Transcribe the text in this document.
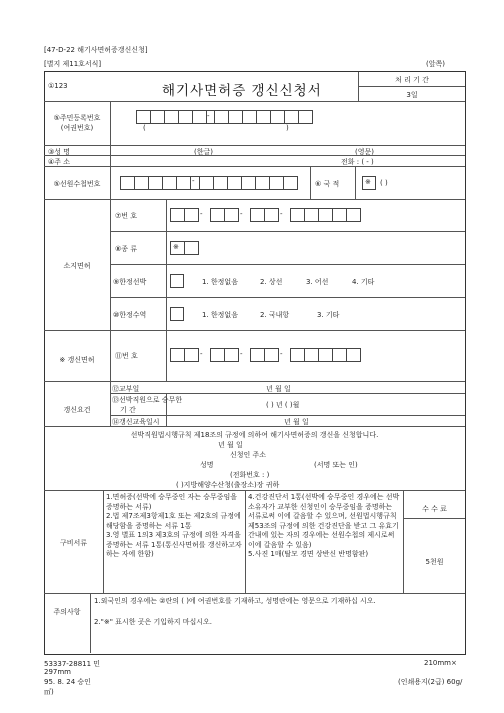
[47-D-22 해기사면허증갱신신청]
[별지 제11호서식]	(앞쪽)
①123	해기사면허증 갱신신청서
처 리 기 간
3일
⑤주민등록번호
(여권번호)
-
(	)
③성 명	(한글)	(영문)
④주 소	전화 : ( - )
⑤선원수첩번호	-	⑥ 국 적	※ ( )
소지면허
⑦번 호	-	-	-
⑧종 류	※
⑨한정선박	1. 한정없음	2. 상선	3. 어선	4. 기타
⑩한정수역	1. 한정없음	2. 국내항	3. 기타
※ 갱신면허	⑪번 호	-	-	-
갱신요건
⑫교부일	년 월 일
⑬선박직원으로 승무한
기 간
( ) 년 ( )월
⑭갱신교육일시	년 월 일
선박직원법시행규칙 제18조의 규정에 의하여 해기사면허증의 갱신을 신청합니다.
년 월 일
신청인 주소
성명	(서명 또는 인)
(전화번호 : )
( )지방해양수산청(출장소)장 귀하
구비서류
1.면허증(선박에 승무중인 자는 승무중임을 증명하는 서류)
2.법 제7조제3항제1호 또는 제2호의 규정에 해당함을 증명하는 서류 1통
3.영 별표 1의3 제3호의 규정에 의한 자격을 증명하는 서류 1통(통신사면허를 갱신하고자 하는 자에 한함)
4.건강진단서 1통(선박에 승무중인 경우에는 선박소유자가 교부한 신청인이 승무중임을 증명하는 서류로써 이에 갈음할 수 있으며, 선원법시행규칙 제53조의 규정에 의한 건강진단을 받고 그 유효기간내에 있는 자의 경우에는 선원수첩의 제시로써 이에 갈음할 수 있음)
5.사진 1매(탈모 경면 상반신 반명함판)
수 수 료
5천원
주의사항
1.외국인의 경우에는 ②란의 ( )에 여권번호를 기재하고, 성명란에는 영문으로 기재하십 시오.
2."※" 표시한 곳은 기입하지 마십시오.
53337-28811 민
297mm
95. 8. 24 승인
㎡)
210mm×
(인쇄용지(2급) 60g/
